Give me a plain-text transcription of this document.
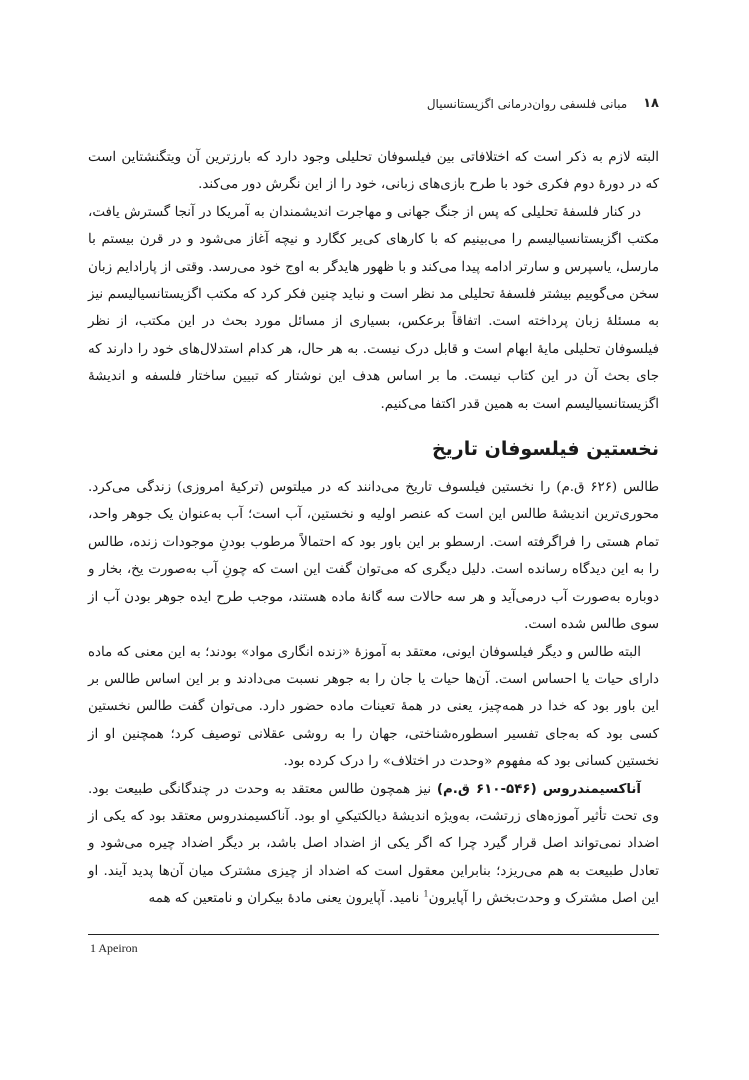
۱۸
مبانی فلسفی روان‌درمانی اگزیستانسیال

البته لازم به ذکر است که اختلافاتی بین فیلسوفان تحلیلی وجود دارد که بارزترین آن ویتگنشتاین است که در دورهٔ دوم فکری خود با طرح بازی‌های زبانی، خود را از این نگرش دور می‌کند.

در کنار فلسفهٔ تحلیلی که پس از جنگ جهانی و مهاجرت اندیشمندان به آمریکا در آنجا گسترش یافت، مکتب اگزیستانسیالیسم را می‌بینیم که با کارهای کی‌یر کگارد و نیچه آغاز می‌شود و در قرن بیستم با مارسل، یاسپرس و سارتر ادامه پیدا می‌کند و با ظهور هایدگر به اوج خود می‌رسد. وقتی از پارادایم زبان سخن می‌گوییم بیشتر فلسفهٔ تحلیلی مد نظر است و نباید چنین فکر کرد که مکتب اگزیستانسیالیسم نیز به مسئلهٔ زبان پرداخته است. اتفاقاً برعکس، بسیاری از مسائل مورد بحث در این مکتب، از نظر فیلسوفان تحلیلی مایهٔ ابهام است و قابل درک نیست. به هر حال، هر کدام استدلال‌های خود را دارند که جای بحث آن در این کتاب نیست. ما بر اساس هدف این نوشتار که تبیین ساختار فلسفه و اندیشهٔ اگزیستانسیالیسم است به همین قدر اکتفا می‌کنیم.

نخستین فیلسوفان تاریخ

طالس (۶۲۶ ق.م) را نخستین فیلسوف تاریخ می‌دانند که در میلتوس (ترکیهٔ امروزی) زندگی می‌کرد. محوری‌ترین اندیشهٔ طالس این است که عنصر اولیه و نخستین، آب است؛ آب به‌عنوان یک جوهر واحد، تمام هستی را فراگرفته است. ارسطو بر این باور بود که احتمالاً مرطوب بودنِ موجودات زنده، طالس را به این دیدگاه رسانده است. دلیل دیگری که می‌توان گفت این است که چونِ آب به‌صورت یخ، بخار و دوباره به‌صورت آب درمی‌آید و هر سه حالات سه گانهٔ ماده هستند، موجب طرح ایده جوهر بودن آب از سوی طالس شده است.

البته طالس و دیگر فیلسوفان ایونی، معتقد به آموزهٔ «زنده انگاری مواد» بودند؛ به این معنی که ماده دارای حیات یا احساس است. آن‌ها حیات یا جان را به جوهر نسبت می‌دادند و بر این اساس طالس بر این باور بود که خدا در همه‌چیز، یعنی در همهٔ تعینات ماده حضور دارد. می‌توان گفت طالس نخستین کسی بود که به‌جای تفسیر اسطوره‌شناختی، جهان را به روشی عقلانی توصیف کرد؛ همچنین او از نخستین کسانی بود که مفهوم «وحدت در اختلاف» را درک کرده بود.

آناکسیمندروس (۵۴۶-۶۱۰ ق.م) نیز همچون طالس معتقد به وحدت در چندگانگی طبیعت بود. وی تحت تأثیر آموزه‌های زرتشت، به‌ویژه اندیشهٔ دیالکتیکیِ او بود. آناکسیمندروس معتقد بود که یکی از اضداد نمی‌تواند اصل قرار گیرد چرا که اگر یکی از اضداد اصل باشد، بر دیگر اضداد چیره می‌شود و تعادل طبیعت به هم می‌ریزد؛ بنابراین معقول است که اضداد از چیزی مشترک میان آن‌ها پدید آیند. او این اصل مشترک و وحدت‌بخش را آپایرون$^1$ نامید. آپایرون یعنی مادهٔ بیکران و نامتعین که همه

1 Apeiron
